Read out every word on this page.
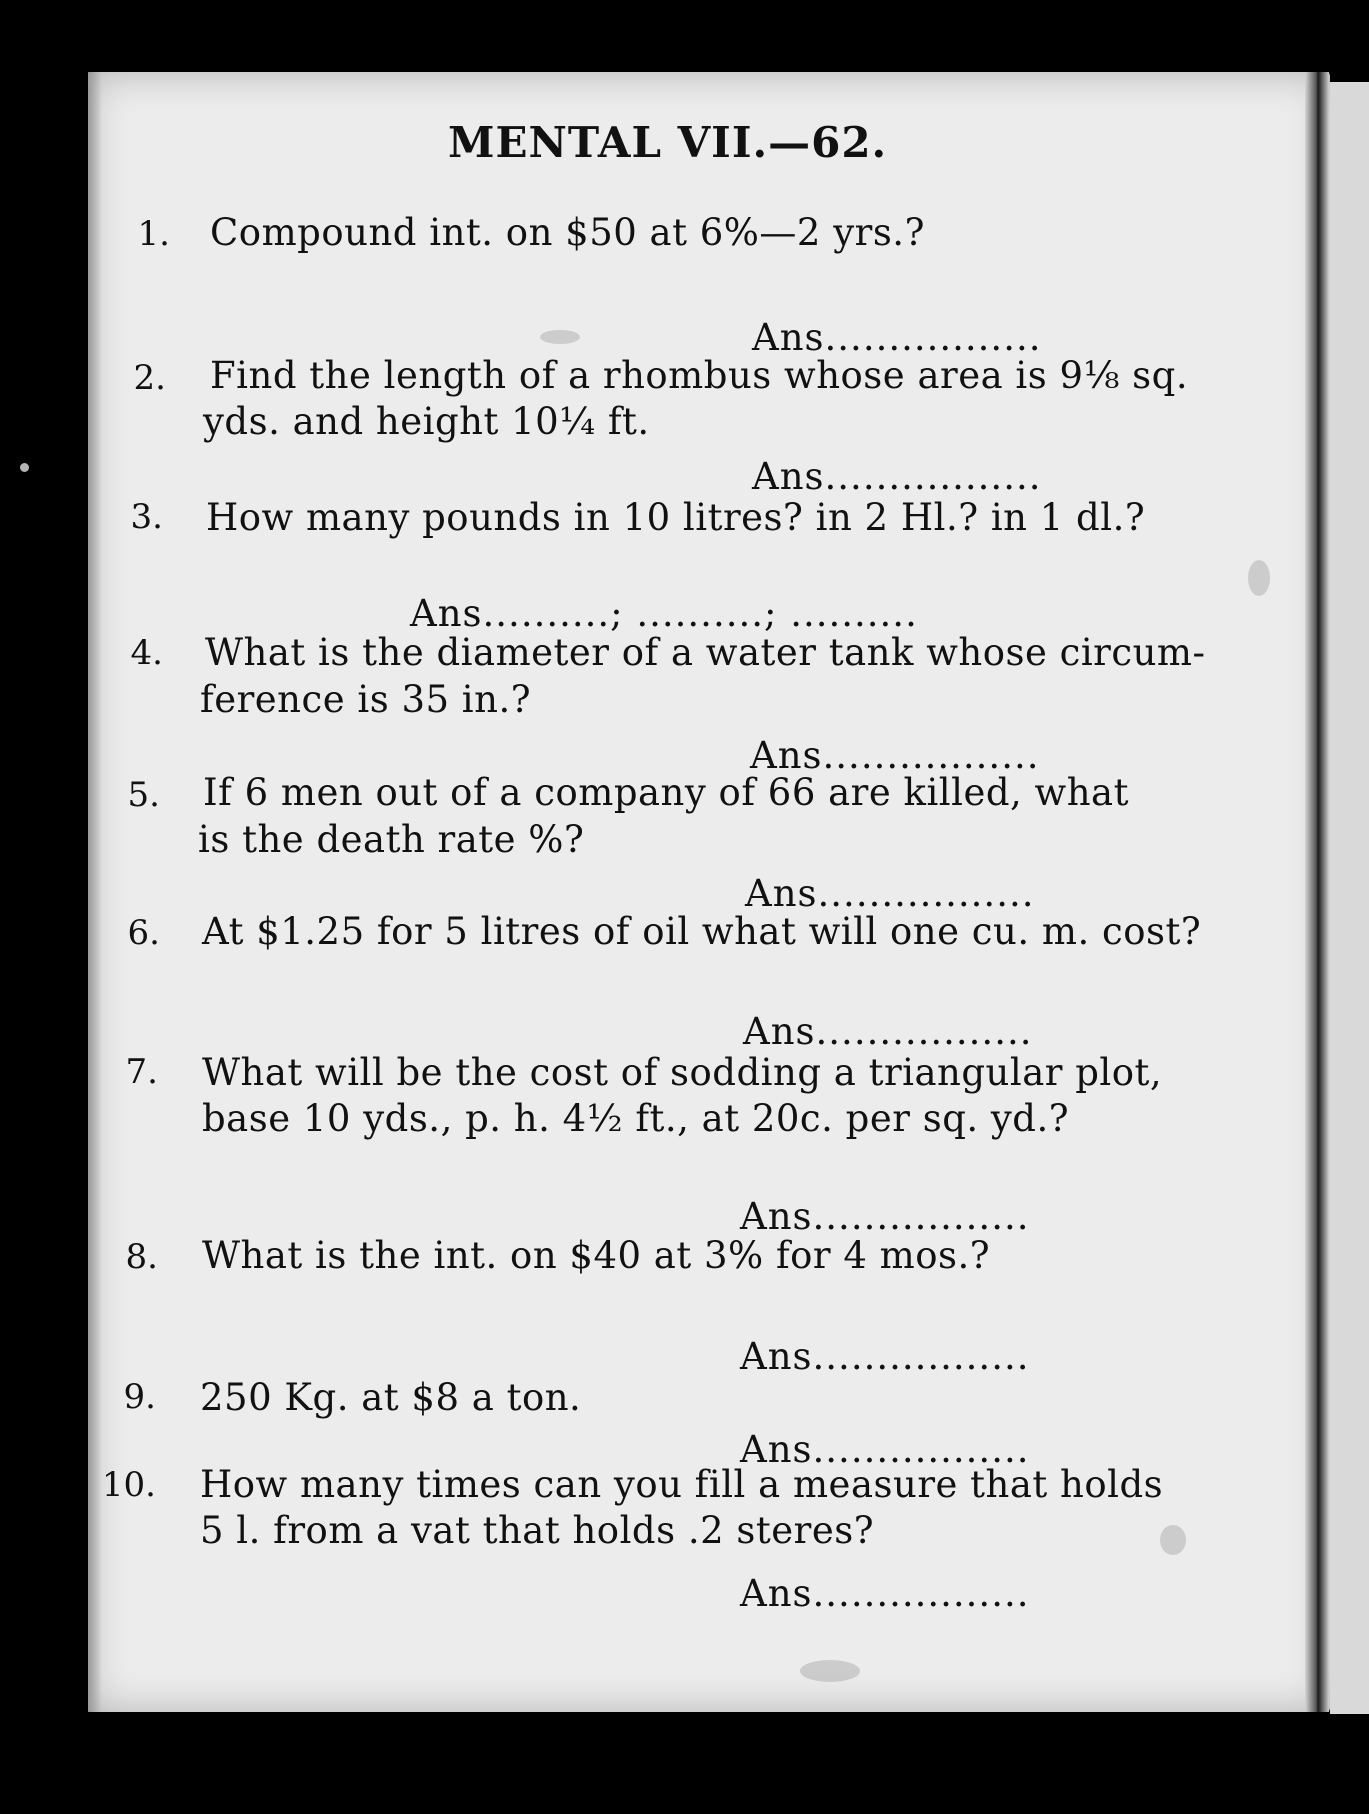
MENTAL VII.—62.
1. Compound int. on $50 at 6%—2 yrs.?
Ans.................
2. Find the length of a rhombus whose area is 9⅛ sq.
yds. and height 10¼ ft.
Ans.................
3. How many pounds in 10 litres? in 2 Hl.? in 1 dl.?
Ans..........; ..........; ..........
4. What is the diameter of a water tank whose circum-
ference is 35 in.?
Ans.................
5. If 6 men out of a company of 66 are killed, what
is the death rate %?
Ans.................
6. At $1.25 for 5 litres of oil what will one cu. m. cost?
Ans.................
7. What will be the cost of sodding a triangular plot,
base 10 yds., p. h. 4½ ft., at 20c. per sq. yd.?
Ans.................
8. What is the int. on $40 at 3% for 4 mos.?
Ans.................
9. 250 Kg. at $8 a ton.
Ans.................
10. How many times can you fill a measure that holds
5 l. from a vat that holds .2 steres?
Ans.................
